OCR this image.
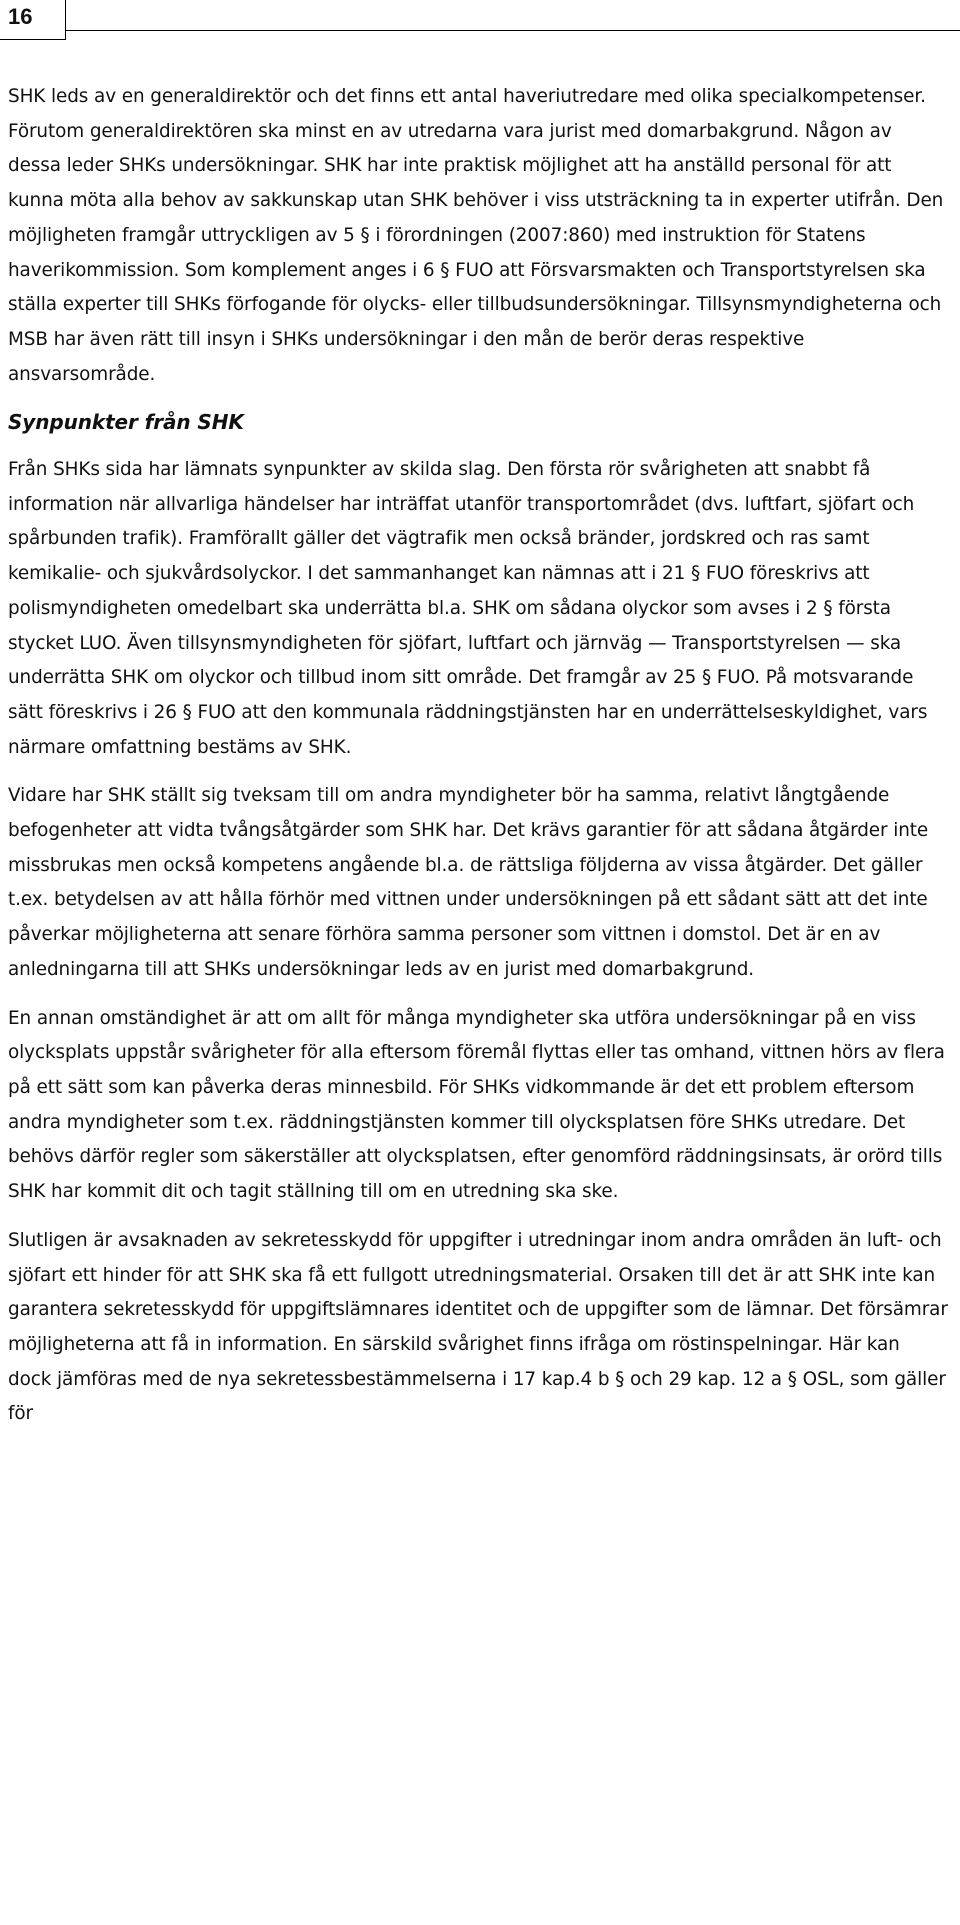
16

SHK leds av en generaldirektör och det finns ett antal haveriutredare med olika specialkompetenser. Förutom generaldirektören ska minst en av utredarna vara jurist med domarbakgrund. Någon av dessa leder SHKs undersökningar. SHK har inte praktisk möjlighet att ha anställd personal för att kunna möta alla behov av sakkunskap utan SHK behöver i viss utsträckning ta in experter utifrån. Den möjligheten framgår uttryckligen av 5 § i förordningen (2007:860) med instruktion för Statens haverikommission. Som komplement anges i 6 § FUO att Försvarsmakten och Transportstyrelsen ska ställa experter till SHKs förfogande för olycks- eller tillbudsundersökningar. Tillsynsmyndigheterna och MSB har även rätt till insyn i SHKs undersökningar i den mån de berör deras respektive ansvarsområde.

Synpunkter från SHK

Från SHKs sida har lämnats synpunkter av skilda slag. Den första rör svårigheten att snabbt få information när allvarliga händelser har inträffat utanför transportområdet (dvs. luftfart, sjöfart och spårbunden trafik). Framförallt gäller det vägtrafik men också bränder, jordskred och ras samt kemikalie- och sjukvårdsolyckor. I det sammanhanget kan nämnas att i 21 § FUO föreskrivs att polismyndigheten omedelbart ska underrätta bl.a. SHK om sådana olyckor som avses i 2 § första stycket LUO. Även tillsynsmyndigheten för sjöfart, luftfart och järnväg — Transportstyrelsen — ska underrätta SHK om olyckor och tillbud inom sitt område. Det framgår av 25 § FUO. På motsvarande sätt föreskrivs i 26 § FUO att den kommunala räddningstjänsten har en underrättelseskyldighet, vars närmare omfattning bestäms av SHK.

Vidare har SHK ställt sig tveksam till om andra myndigheter bör ha samma, relativt långtgående befogenheter att vidta tvångsåtgärder som SHK har. Det krävs garantier för att sådana åtgärder inte missbrukas men också kompetens angående bl.a. de rättsliga följderna av vissa åtgärder. Det gäller t.ex. betydelsen av att hålla förhör med vittnen under undersökningen på ett sådant sätt att det inte påverkar möjligheterna att senare förhöra samma personer som vittnen i domstol. Det är en av anledningarna till att SHKs undersökningar leds av en jurist med domarbakgrund.

En annan omständighet är att om allt för många myndigheter ska utföra undersökningar på en viss olycksplats uppstår svårigheter för alla eftersom föremål flyttas eller tas omhand, vittnen hörs av flera på ett sätt som kan påverka deras minnesbild. För SHKs vidkommande är det ett problem eftersom andra myndigheter som t.ex. räddningstjänsten kommer till olycksplatsen före SHKs utredare. Det behövs därför regler som säkerställer att olycksplatsen, efter genomförd räddningsinsats, är orörd tills SHK har kommit dit och tagit ställning till om en utredning ska ske.

Slutligen är avsaknaden av sekretesskydd för uppgifter i utredningar inom andra områden än luft- och sjöfart ett hinder för att SHK ska få ett fullgott utredningsmaterial. Orsaken till det är att SHK inte kan garantera sekretesskydd för uppgiftslämnares identitet och de uppgifter som de lämnar. Det försämrar möjligheterna att få in information. En särskild svårighet finns ifråga om röstinspelningar. Här kan dock jämföras med de nya sekretessbestämmelserna i 17 kap.4 b § och 29 kap. 12 a § OSL, som gäller för
